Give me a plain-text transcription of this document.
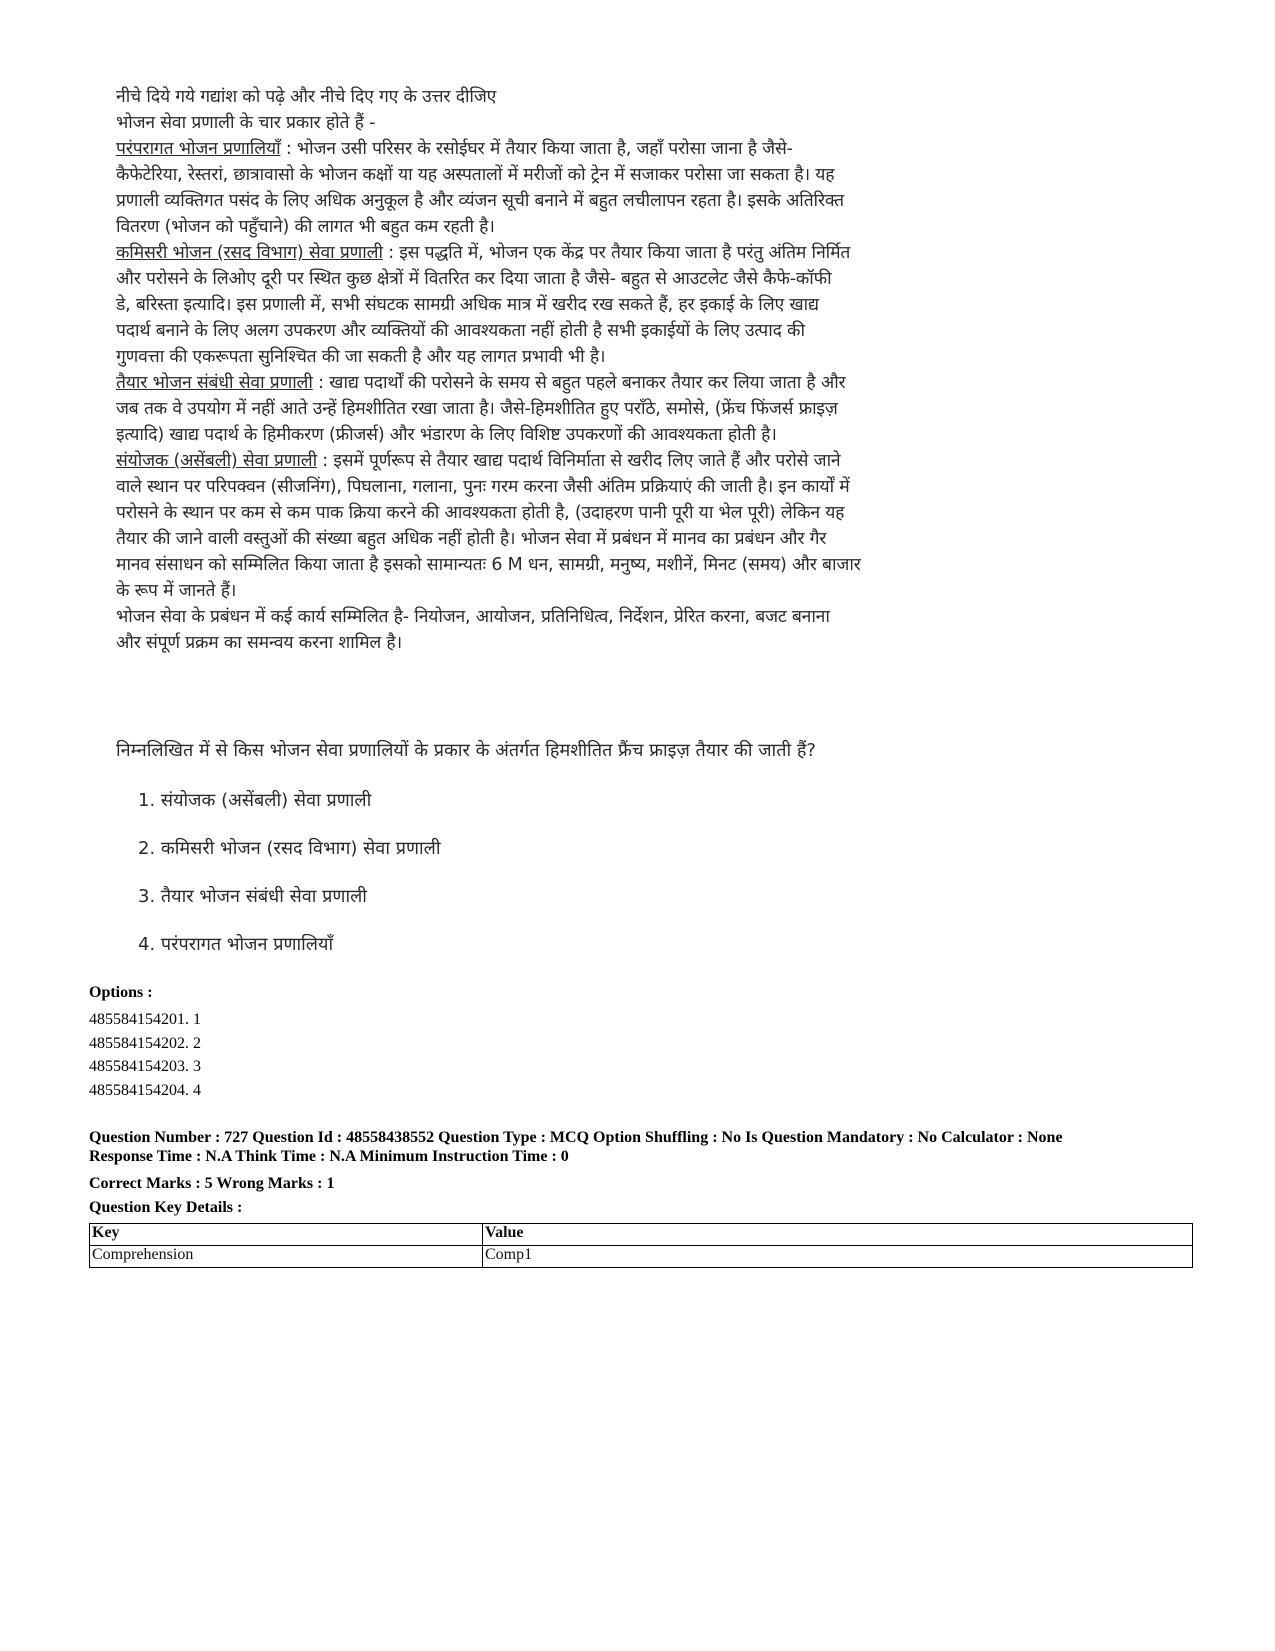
नीचे दिये गये गद्यांश को पढ़े और नीचे दिए गए के उत्तर दीजिए

भोजन सेवा प्रणाली के चार प्रकार होते हैं -

परंपरागत भोजन प्रणालियाँ : भोजन उसी परिसर के रसोईघर में तैयार किया जाता है, जहाँ परोसा जाना है जैसे-

कैफेटेरिया, रेस्तरां, छात्रावासो के भोजन कक्षों या यह अस्पतालों में मरीजों को ट्रेन में सजाकर परोसा जा सकता है। यह

प्रणाली व्यक्तिगत पसंद के लिए अधिक अनुकूल है और व्यंजन सूची बनाने में बहुत लचीलापन रहता है। इसके अतिरिक्त

वितरण (भोजन को पहुँचाने) की लागत भी बहुत कम रहती है।

कमिसरी भोजन (रसद विभाग) सेवा प्रणाली : इस पद्धति में, भोजन एक केंद्र पर तैयार किया जाता है परंतु अंतिम निर्मित

और परोसने के लिओए दूरी पर स्थित कुछ क्षेत्रों में वितरित कर दिया जाता है जैसे- बहुत से आउटलेट जैसे कैफे-कॉफी

डे, बरिस्ता इत्यादि। इस प्रणाली में, सभी संघटक सामग्री अधिक मात्र में खरीद रख सकते हैं, हर इकाई के लिए खाद्य

पदार्थ बनाने के लिए अलग उपकरण और व्यक्तियों की आवश्यकता नहीं होती है सभी इकाईयों के लिए उत्पाद की

गुणवत्ता की एकरूपता सुनिश्चित की जा सकती है और यह लागत प्रभावी भी है।

तैयार भोजन संबंधी सेवा प्रणाली : खाद्य पदार्थों की परोसने के समय से बहुत पहले बनाकर तैयार कर लिया जाता है और

जब तक वे उपयोग में नहीं आते उन्हें हिमशीतित रखा जाता है। जैसे-हिमशीतित हुए पराँठे, समोसे, (फ्रेंच फिंजर्स फ्राइज़

इत्यादि) खाद्य पदार्थ के हिमीकरण (फ्रीजर्स) और भंडारण के लिए विशिष्ट उपकरणों की आवश्यकता होती है।

संयोजक (असेंबली) सेवा प्रणाली : इसमें पूर्णरूप से तैयार खाद्य पदार्थ विनिर्माता से खरीद लिए जाते हैं और परोसे जाने

वाले स्थान पर परिपक्वन (सीजनिंग), पिघलाना, गलाना, पुनः गरम करना जैसी अंतिम प्रक्रियाएं की जाती है। इन कार्यों में

परोसने के स्थान पर कम से कम पाक क्रिया करने की आवश्यकता होती है, (उदाहरण पानी पूरी या भेल पूरी) लेकिन यह

तैयार की जाने वाली वस्तुओं की संख्या बहुत अधिक नहीं होती है। भोजन सेवा में प्रबंधन में मानव का प्रबंधन और गैर

मानव संसाधन को सम्मिलित किया जाता है इसको सामान्यतः 6 M धन, सामग्री, मनुष्य, मशीनें, मिनट (समय) और बाजार

के रूप में जानते हैं।

भोजन सेवा के प्रबंधन में कई कार्य सम्मिलित है- नियोजन, आयोजन, प्रतिनिधित्व, निर्देशन, प्रेरित करना, बजट बनाना

और संपूर्ण प्रक्रम का समन्वय करना शामिल है।

निम्नलिखित में से किस भोजन सेवा प्रणालियों के प्रकार के अंतर्गत हिमशीतित फ्रैंच फ्राइज़ तैयार की जाती हैं?
1. संयोजक (असेंबली) सेवा प्रणाली
2. कमिसरी भोजन (रसद विभाग) सेवा प्रणाली
3. तैयार भोजन संबंधी सेवा प्रणाली
4. परंपरागत भोजन प्रणालियाँ
Options :
485584154201. 1
485584154202. 2
485584154203. 3
485584154204. 4
Question Number : 727 Question Id : 48558438552 Question Type : MCQ Option Shuffling : No Is Question Mandatory : No Calculator : None
Response Time : N.A Think Time : N.A Minimum Instruction Time : 0
Correct Marks : 5 Wrong Marks : 1
Question Key Details :
Key	Value
Comprehension	Comp1
